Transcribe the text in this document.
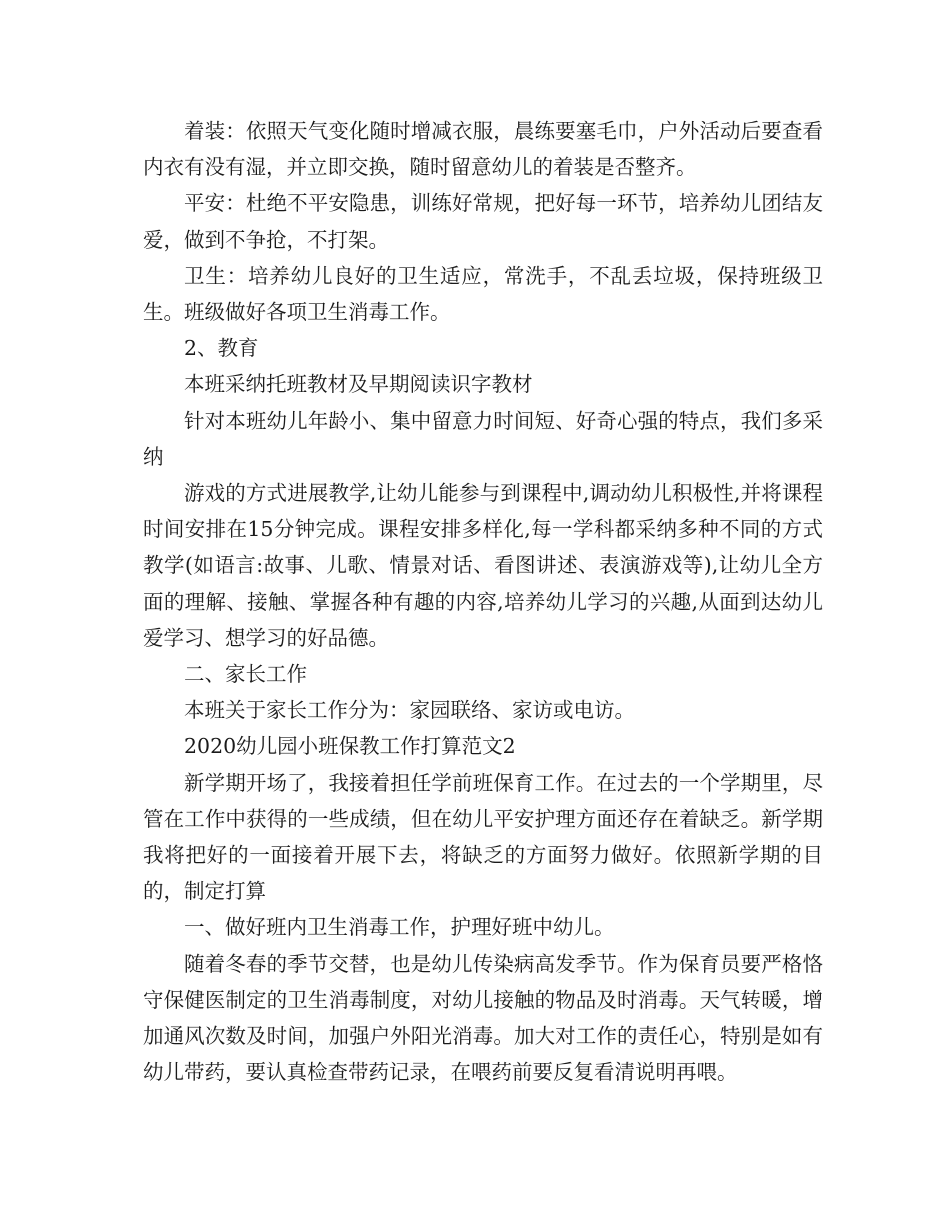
着装：依照天气变化随时增减衣服，晨练要塞毛巾，户外活动后要查看内衣有没有湿，并立即交换，随时留意幼儿的着装是否整齐。

平安：杜绝不平安隐患，训练好常规，把好每一环节，培养幼儿团结友爱，做到不争抢，不打架。

卫生：培养幼儿良好的卫生适应，常洗手，不乱丢垃圾，保持班级卫生。班级做好各项卫生消毒工作。

2、教育

本班采纳托班教材及早期阅读识字教材

针对本班幼儿年龄小、集中留意力时间短、好奇心强的特点，我们多采纳

游戏的方式进展教学,让幼儿能参与到课程中,调动幼儿积极性,并将课程时间安排在15分钟完成。课程安排多样化,每一学科都采纳多种不同的方式教学(如语言:故事、儿歌、情景对话、看图讲述、表演游戏等),让幼儿全方面的理解、接触、掌握各种有趣的内容,培养幼儿学习的兴趣,从面到达幼儿爱学习、想学习的好品德。

二、家长工作

本班关于家长工作分为：家园联络、家访或电访。

2020幼儿园小班保教工作打算范文2

新学期开场了，我接着担任学前班保育工作。在过去的一个学期里，尽管在工作中获得的一些成绩，但在幼儿平安护理方面还存在着缺乏。新学期我将把好的一面接着开展下去，将缺乏的方面努力做好。依照新学期的目的，制定打算

一、做好班内卫生消毒工作，护理好班中幼儿。

随着冬春的季节交替，也是幼儿传染病高发季节。作为保育员要严格恪守保健医制定的卫生消毒制度，对幼儿接触的物品及时消毒。天气转暖，增加通风次数及时间，加强户外阳光消毒。加大对工作的责任心，特别是如有幼儿带药，要认真检查带药记录，在喂药前要反复看清说明再喂。
